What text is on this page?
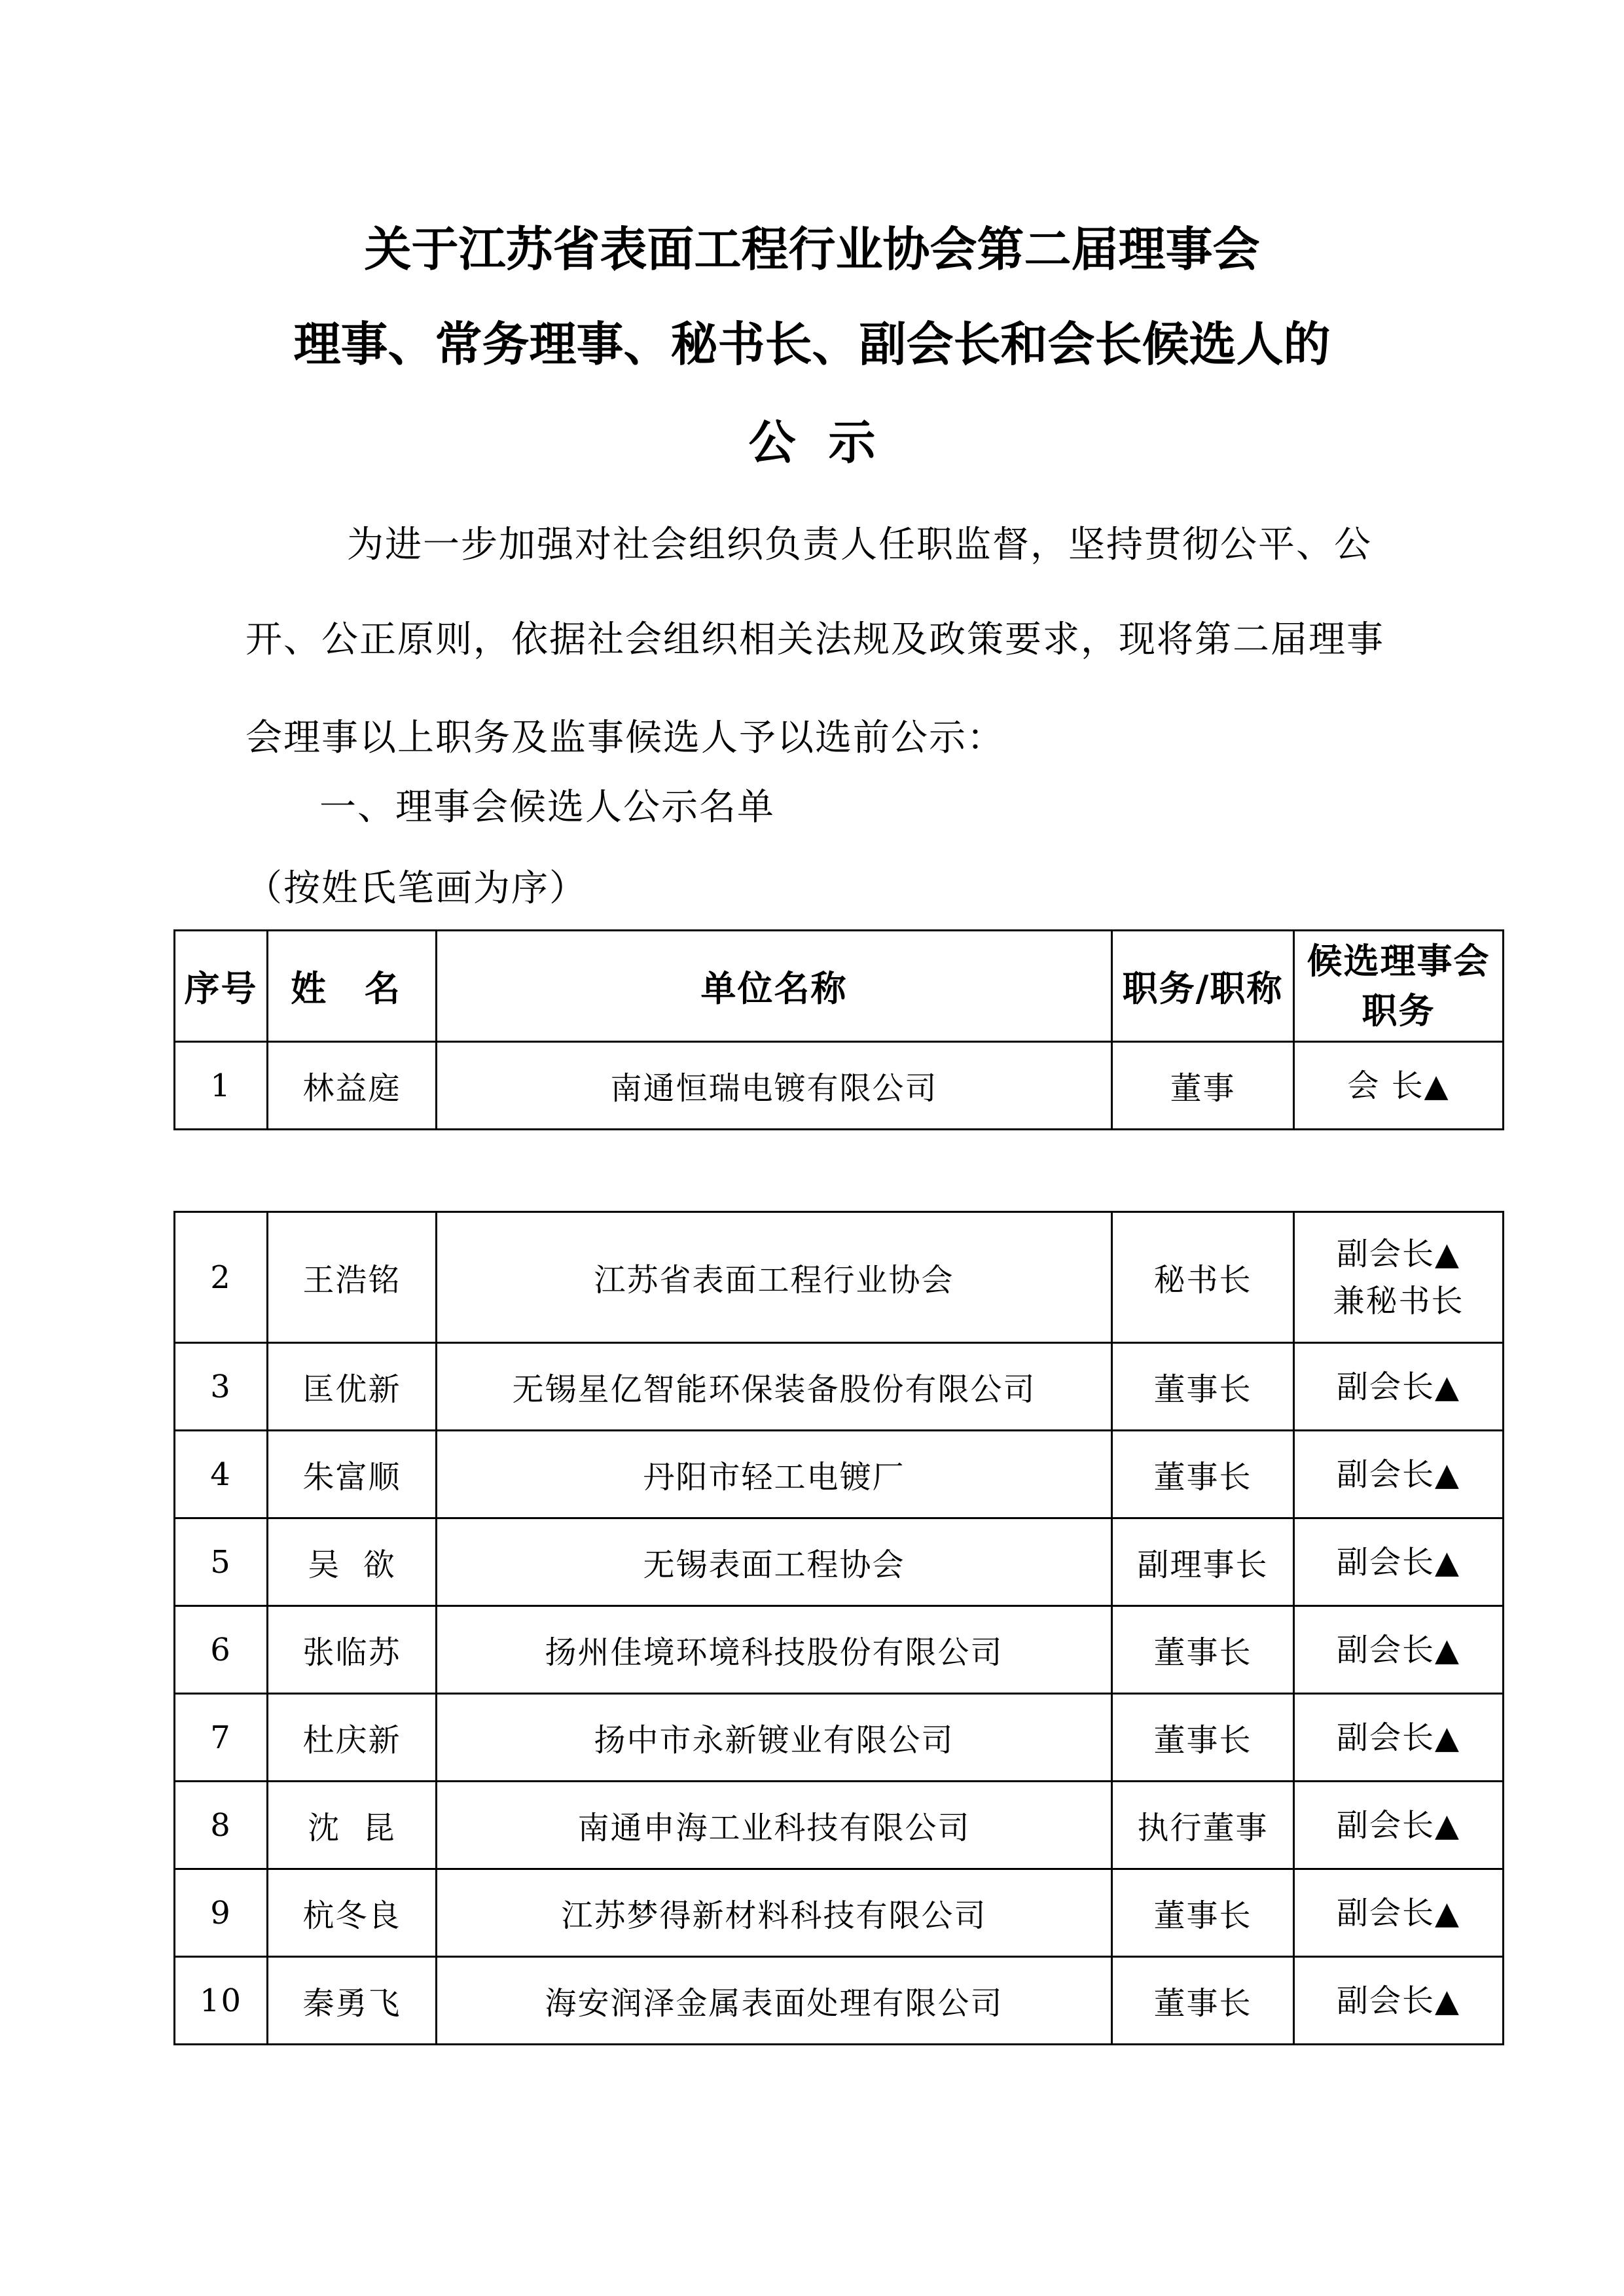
关于江苏省表面工程行业协会第二届理事会
理事、常务理事、秘书长、副会长和会长候选人的
公示
为进一步加强对社会组织负责人任职监督，坚持贯彻公平、公
开、公正原则，依据社会组织相关法规及政策要求，现将第二届理事
会理事以上职务及监事候选人予以选前公示：
一、理事会候选人公示名单
（按姓氏笔画为序）
序号	姓 名	单位名称	职务/职称	候选理事会职务
1	林益庭	南通恒瑞电镀有限公司	董事	会 长▲
2	王浩铭	江苏省表面工程行业协会	秘书长	副会长▲
兼秘书长

3	匡优新	无锡星亿智能环保装备股份有限公司	董事长	副会长▲

4	朱富顺	丹阳市轻工电镀厂	董事长	副会长▲

5	吴  欲	无锡表面工程协会	副理事长	副会长▲

6	张临苏	扬州佳境环境科技股份有限公司	董事长	副会长▲

7	杜庆新	扬中市永新镀业有限公司	董事长	副会长▲

8	沈  昆	南通申海工业科技有限公司	执行董事	副会长▲

9	杭冬良	江苏梦得新材料科技有限公司	董事长	副会长▲

10	秦勇飞	海安润泽金属表面处理有限公司	董事长	副会长▲
